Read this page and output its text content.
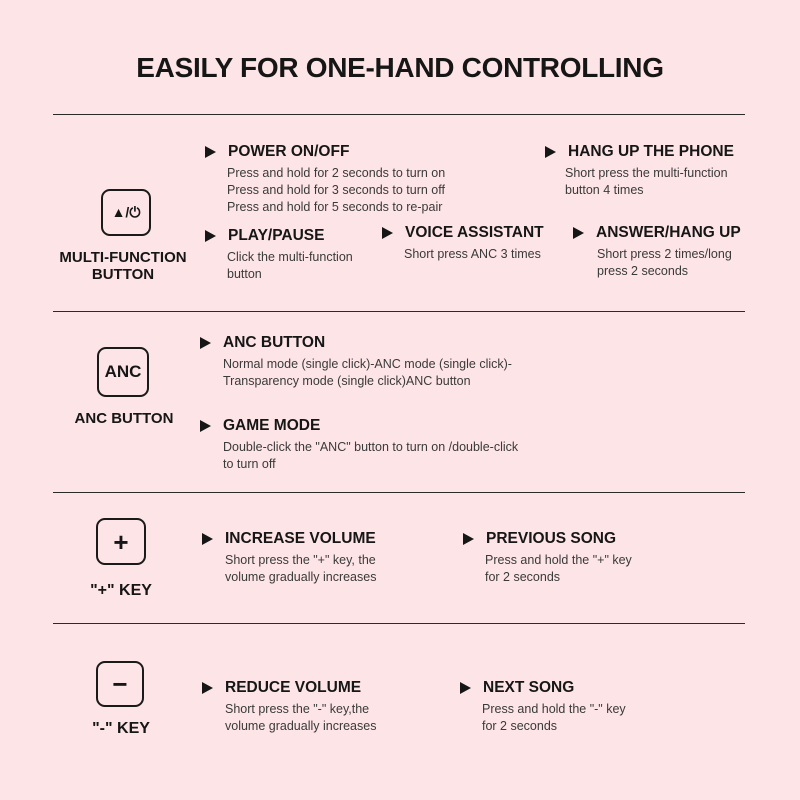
EASILY FOR ONE-HAND CONTROLLING
▲/⏻
MULTI-FUNCTION BUTTON
POWER ON/OFF
Press and hold for 2 seconds to turn on
Press and hold for 3 seconds to turn off
Press and hold for 5 seconds to re-pair
HANG UP THE PHONE
Short press the multi-function
button 4 times
PLAY/PAUSE
Click the multi-function
button
VOICE ASSISTANT
Short press ANC 3 times
ANSWER/HANG UP
Short press 2 times/long
press 2 seconds
ANC
ANC BUTTON
ANC BUTTON
Normal mode (single click)-ANC mode (single click)-
Transparency mode (single click)ANC button
GAME MODE
Double-click the "ANC" button to turn on /double-click
to turn off
+
"+" KEY
INCREASE VOLUME
Short press the "+" key, the
volume gradually increases
PREVIOUS SONG
Press and hold the "+" key
for 2 seconds
−
"-" KEY
REDUCE VOLUME
Short press the "-" key,the
volume gradually increases
NEXT SONG
Press and hold the "-" key
for 2 seconds
